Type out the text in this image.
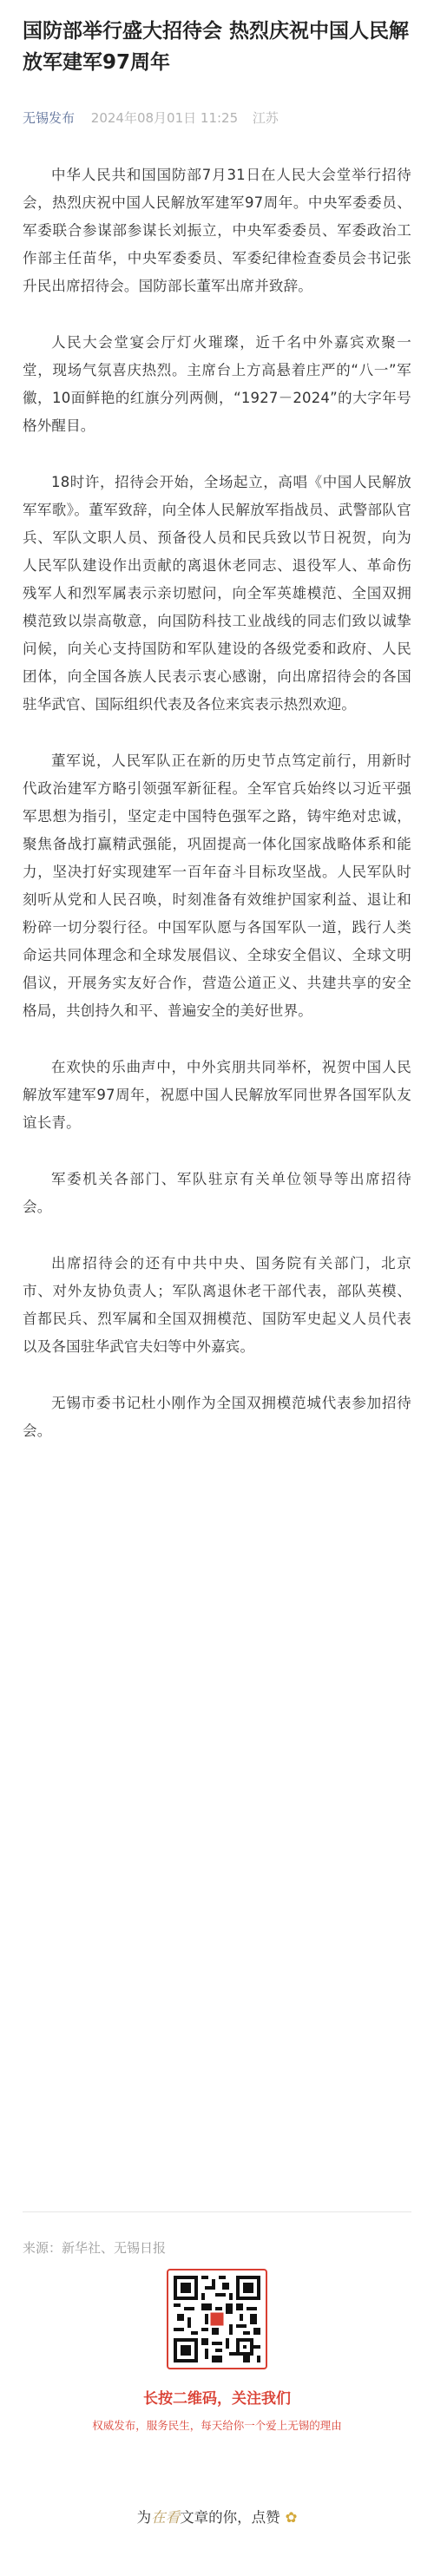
国防部举行盛大招待会 热烈庆祝中国人民解放军建军97周年
无锡发布 2024年08月01日 11:25 江苏

中华人民共和国国防部7月31日在人民大会堂举行招待会，热烈庆祝中国人民解放军建军97周年。中央军委委员、军委联合参谋部参谋长刘振立，中央军委委员、军委政治工作部主任苗华，中央军委委员、军委纪律检查委员会书记张升民出席招待会。国防部长董军出席并致辞。

人民大会堂宴会厅灯火璀璨，近千名中外嘉宾欢聚一堂，现场气氛喜庆热烈。主席台上方高悬着庄严的“八一”军徽，10面鲜艳的红旗分列两侧，“1927－2024”的大字年号格外醒目。

18时许，招待会开始，全场起立，高唱《中国人民解放军军歌》。董军致辞，向全体人民解放军指战员、武警部队官兵、军队文职人员、预备役人员和民兵致以节日祝贺，向为人民军队建设作出贡献的离退休老同志、退役军人、革命伤残军人和烈军属表示亲切慰问，向全军英雄模范、全国双拥模范致以崇高敬意，向国防科技工业战线的同志们致以诚挚问候，向关心支持国防和军队建设的各级党委和政府、人民团体，向全国各族人民表示衷心感谢，向出席招待会的各国驻华武官、国际组织代表及各位来宾表示热烈欢迎。

董军说，人民军队正在新的历史节点笃定前行，用新时代政治建军方略引领强军新征程。全军官兵始终以习近平强军思想为指引，坚定走中国特色强军之路，铸牢绝对忠诚，聚焦备战打赢精武强能，巩固提高一体化国家战略体系和能力，坚决打好实现建军一百年奋斗目标攻坚战。人民军队时刻听从党和人民召唤，时刻准备有效维护国家利益、退让和粉碎一切分裂行径。中国军队愿与各国军队一道，践行人类命运共同体理念和全球发展倡议、全球安全倡议、全球文明倡议，开展务实友好合作，营造公道正义、共建共享的安全格局，共创持久和平、普遍安全的美好世界。

在欢快的乐曲声中，中外宾朋共同举杯，祝贺中国人民解放军建军97周年，祝愿中国人民解放军同世界各国军队友谊长青。

军委机关各部门、军队驻京有关单位领导等出席招待会。

出席招待会的还有中共中央、国务院有关部门，北京市、对外友协负责人；军队离退休老干部代表，部队英模、首都民兵、烈军属和全国双拥模范、国防军史起义人员代表以及各国驻华武官夫妇等中外嘉宾。

无锡市委书记杜小刚作为全国双拥模范城代表参加招待会。

来源：新华社、无锡日报
长按二维码，关注我们
权威发布，服务民生，每天给你一个爱上无锡的理由
为在看文章的你，点赞 ✿
